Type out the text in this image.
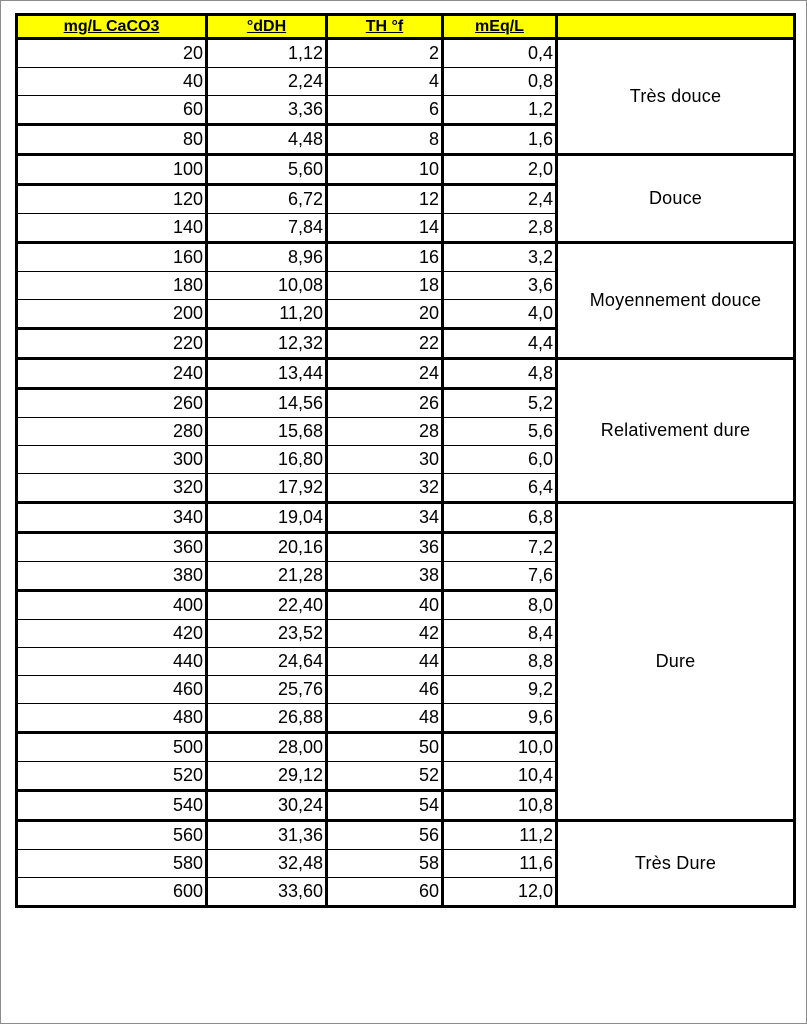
mg/L CaCO3	°dDH	TH °f	mEq/L	
20	1,12	2	0,4	Très douce
40	2,24	4	0,8	
60	3,36	6	1,2	
80	4,48	8	1,6	
100	5,60	10	2,0	Douce
120	6,72	12	2,4	
140	7,84	14	2,8	
160	8,96	16	3,2	Moyennement douce
180	10,08	18	3,6	
200	11,20	20	4,0	
220	12,32	22	4,4	
240	13,44	24	4,8	Relativement dure
260	14,56	26	5,2	
280	15,68	28	5,6	
300	16,80	30	6,0	
320	17,92	32	6,4	
340	19,04	34	6,8	Dure
360	20,16	36	7,2	
380	21,28	38	7,6	
400	22,40	40	8,0	
420	23,52	42	8,4	
440	24,64	44	8,8	
460	25,76	46	9,2	
480	26,88	48	9,6	
500	28,00	50	10,0	
520	29,12	52	10,4	
540	30,24	54	10,8	
560	31,36	56	11,2	Très Dure
580	32,48	58	11,6	
600	33,60	60	12,0	
